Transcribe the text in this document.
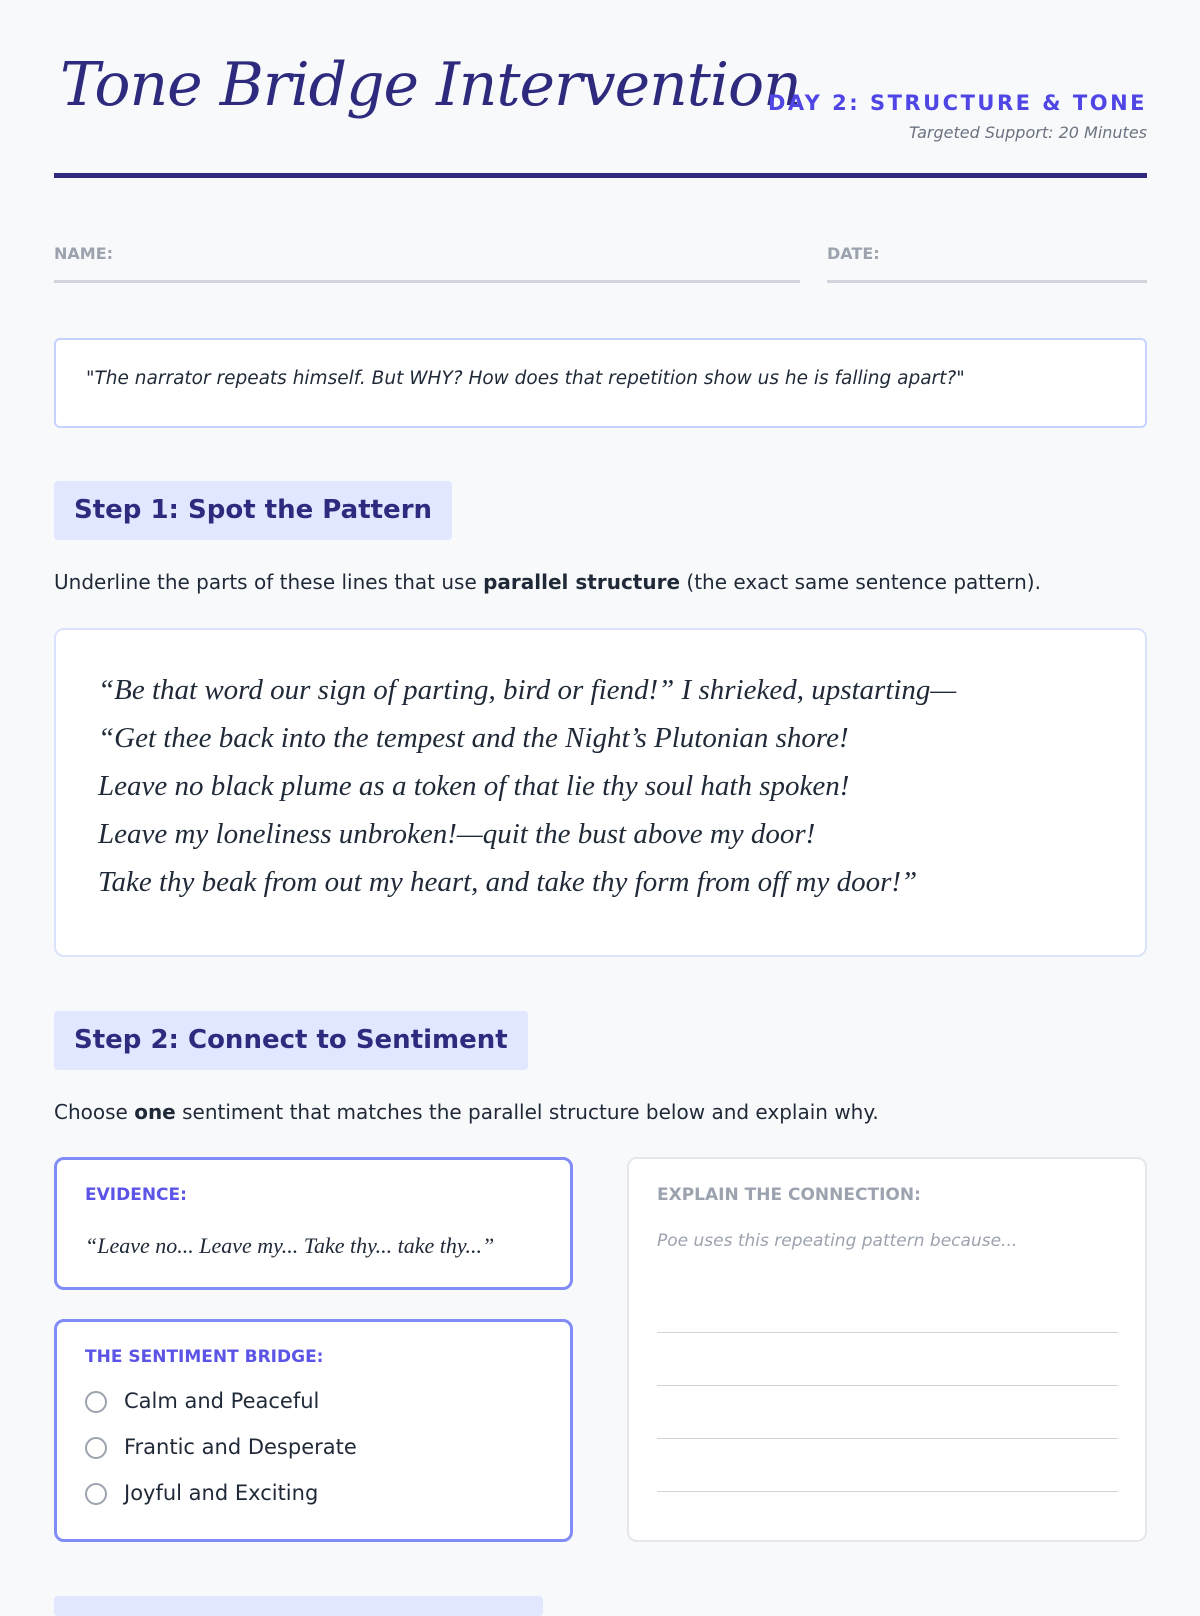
Tone Bridge Intervention
DAY 2: STRUCTURE & TONE
Targeted Support: 20 Minutes
NAME:	DATE:
"The narrator repeats himself. But WHY? How does that repetition show us he is falling apart?"
Step 1: Spot the Pattern
Underline the parts of these lines that use parallel structure (the exact same sentence pattern).
“Be that word our sign of parting, bird or fiend!” I shrieked, upstarting—
“Get thee back into the tempest and the Night’s Plutonian shore!
Leave no black plume as a token of that lie thy soul hath spoken!
Leave my loneliness unbroken!—quit the bust above my door!
Take thy beak from out my heart, and take thy form from off my door!”
Step 2: Connect to Sentiment
Choose one sentiment that matches the parallel structure below and explain why.
EVIDENCE:
“Leave no... Leave my... Take thy... take thy...”
THE SENTIMENT BRIDGE:
Calm and Peaceful
Frantic and Desperate
Joyful and Exciting
EXPLAIN THE CONNECTION:
Poe uses this repeating pattern because...
